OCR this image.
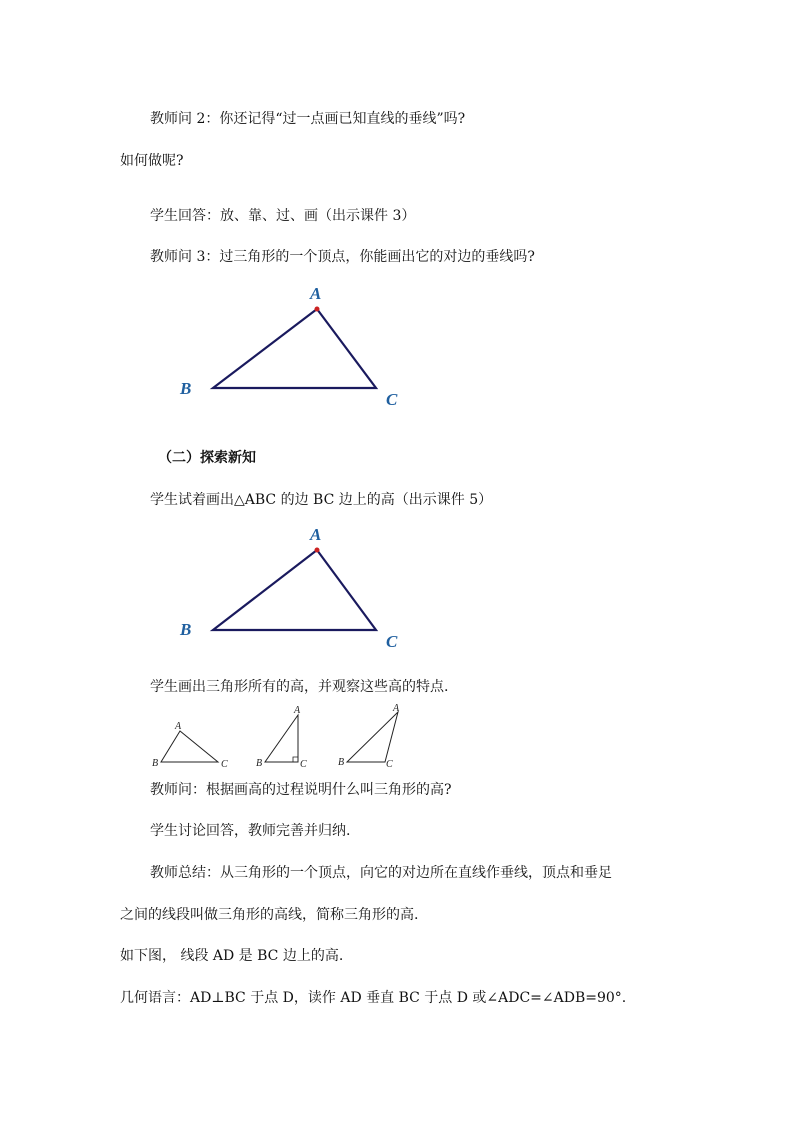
教师问 2：你还记得“过一点画已知直线的垂线”吗?
如何做呢?
学生回答：放、靠、过、画（出示课件 3）
教师问 3：过三角形的一个顶点，你能画出它的对边的垂线吗?
A
B
C
（二）探索新知
学生试着画出△ABC 的边 BC 边上的高（出示课件 5）
A
B
C
学生画出三角形所有的高，并观察这些高的特点.
A
B	C
A
B	C
A
B	C
教师问：根据画高的过程说明什么叫三角形的高?
学生讨论回答，教师完善并归纳.
教师总结：从三角形的一个顶点，向它的对边所在直线作垂线，顶点和垂足
之间的线段叫做三角形的高线，简称三角形的高.
如下图， 线段 AD 是 BC 边上的高.
几何语言：AD⊥BC 于点 D，读作 AD 垂直 BC 于点 D 或∠ADC=∠ADB=90°.
